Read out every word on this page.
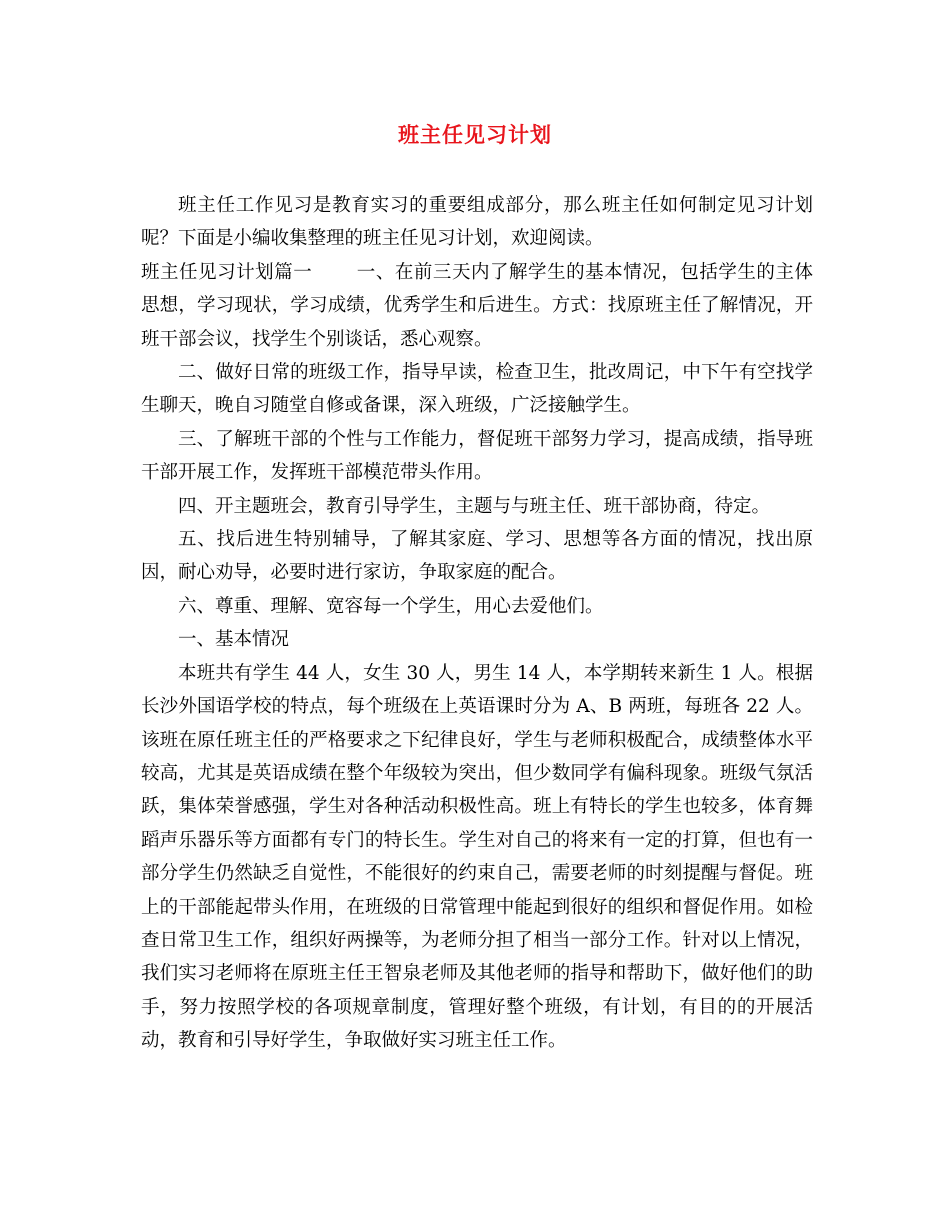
班主任见习计划

班主任工作见习是教育实习的重要组成部分，那么班主任如何制定见习计划呢？下面是小编收集整理的班主任见习计划，欢迎阅读。

班主任见习计划篇一 一、在前三天内了解学生的基本情况，包括学生的主体思想，学习现状，学习成绩，优秀学生和后进生。方式：找原班主任了解情况，开班干部会议，找学生个别谈话，悉心观察。

二、做好日常的班级工作，指导早读，检查卫生，批改周记，中下午有空找学生聊天，晚自习随堂自修或备课，深入班级，广泛接触学生。

三、了解班干部的个性与工作能力，督促班干部努力学习，提高成绩，指导班干部开展工作，发挥班干部模范带头作用。

四、开主题班会，教育引导学生，主题与与班主任、班干部协商，待定。

五、找后进生特别辅导，了解其家庭、学习、思想等各方面的情况，找出原因，耐心劝导，必要时进行家访，争取家庭的配合。

六、尊重、理解、宽容每一个学生，用心去爱他们。

一、基本情况

本班共有学生 44 人，女生 30 人，男生 14 人，本学期转来新生 1 人。根据长沙外国语学校的特点，每个班级在上英语课时分为 A、B 两班，每班各 22 人。该班在原任班主任的严格要求之下纪律良好，学生与老师积极配合，成绩整体水平较高，尤其是英语成绩在整个年级较为突出，但少数同学有偏科现象。班级气氛活跃，集体荣誉感强，学生对各种活动积极性高。班上有特长的学生也较多，体育舞蹈声乐器乐等方面都有专门的特长生。学生对自己的将来有一定的打算，但也有一部分学生仍然缺乏自觉性，不能很好的约束自己，需要老师的时刻提醒与督促。班上的干部能起带头作用，在班级的日常管理中能起到很好的组织和督促作用。如检查日常卫生工作，组织好两操等，为老师分担了相当一部分工作。针对以上情况，我们实习老师将在原班主任王智泉老师及其他老师的指导和帮助下，做好他们的助手，努力按照学校的各项规章制度，管理好整个班级，有计划，有目的的开展活动，教育和引导好学生，争取做好实习班主任工作。
